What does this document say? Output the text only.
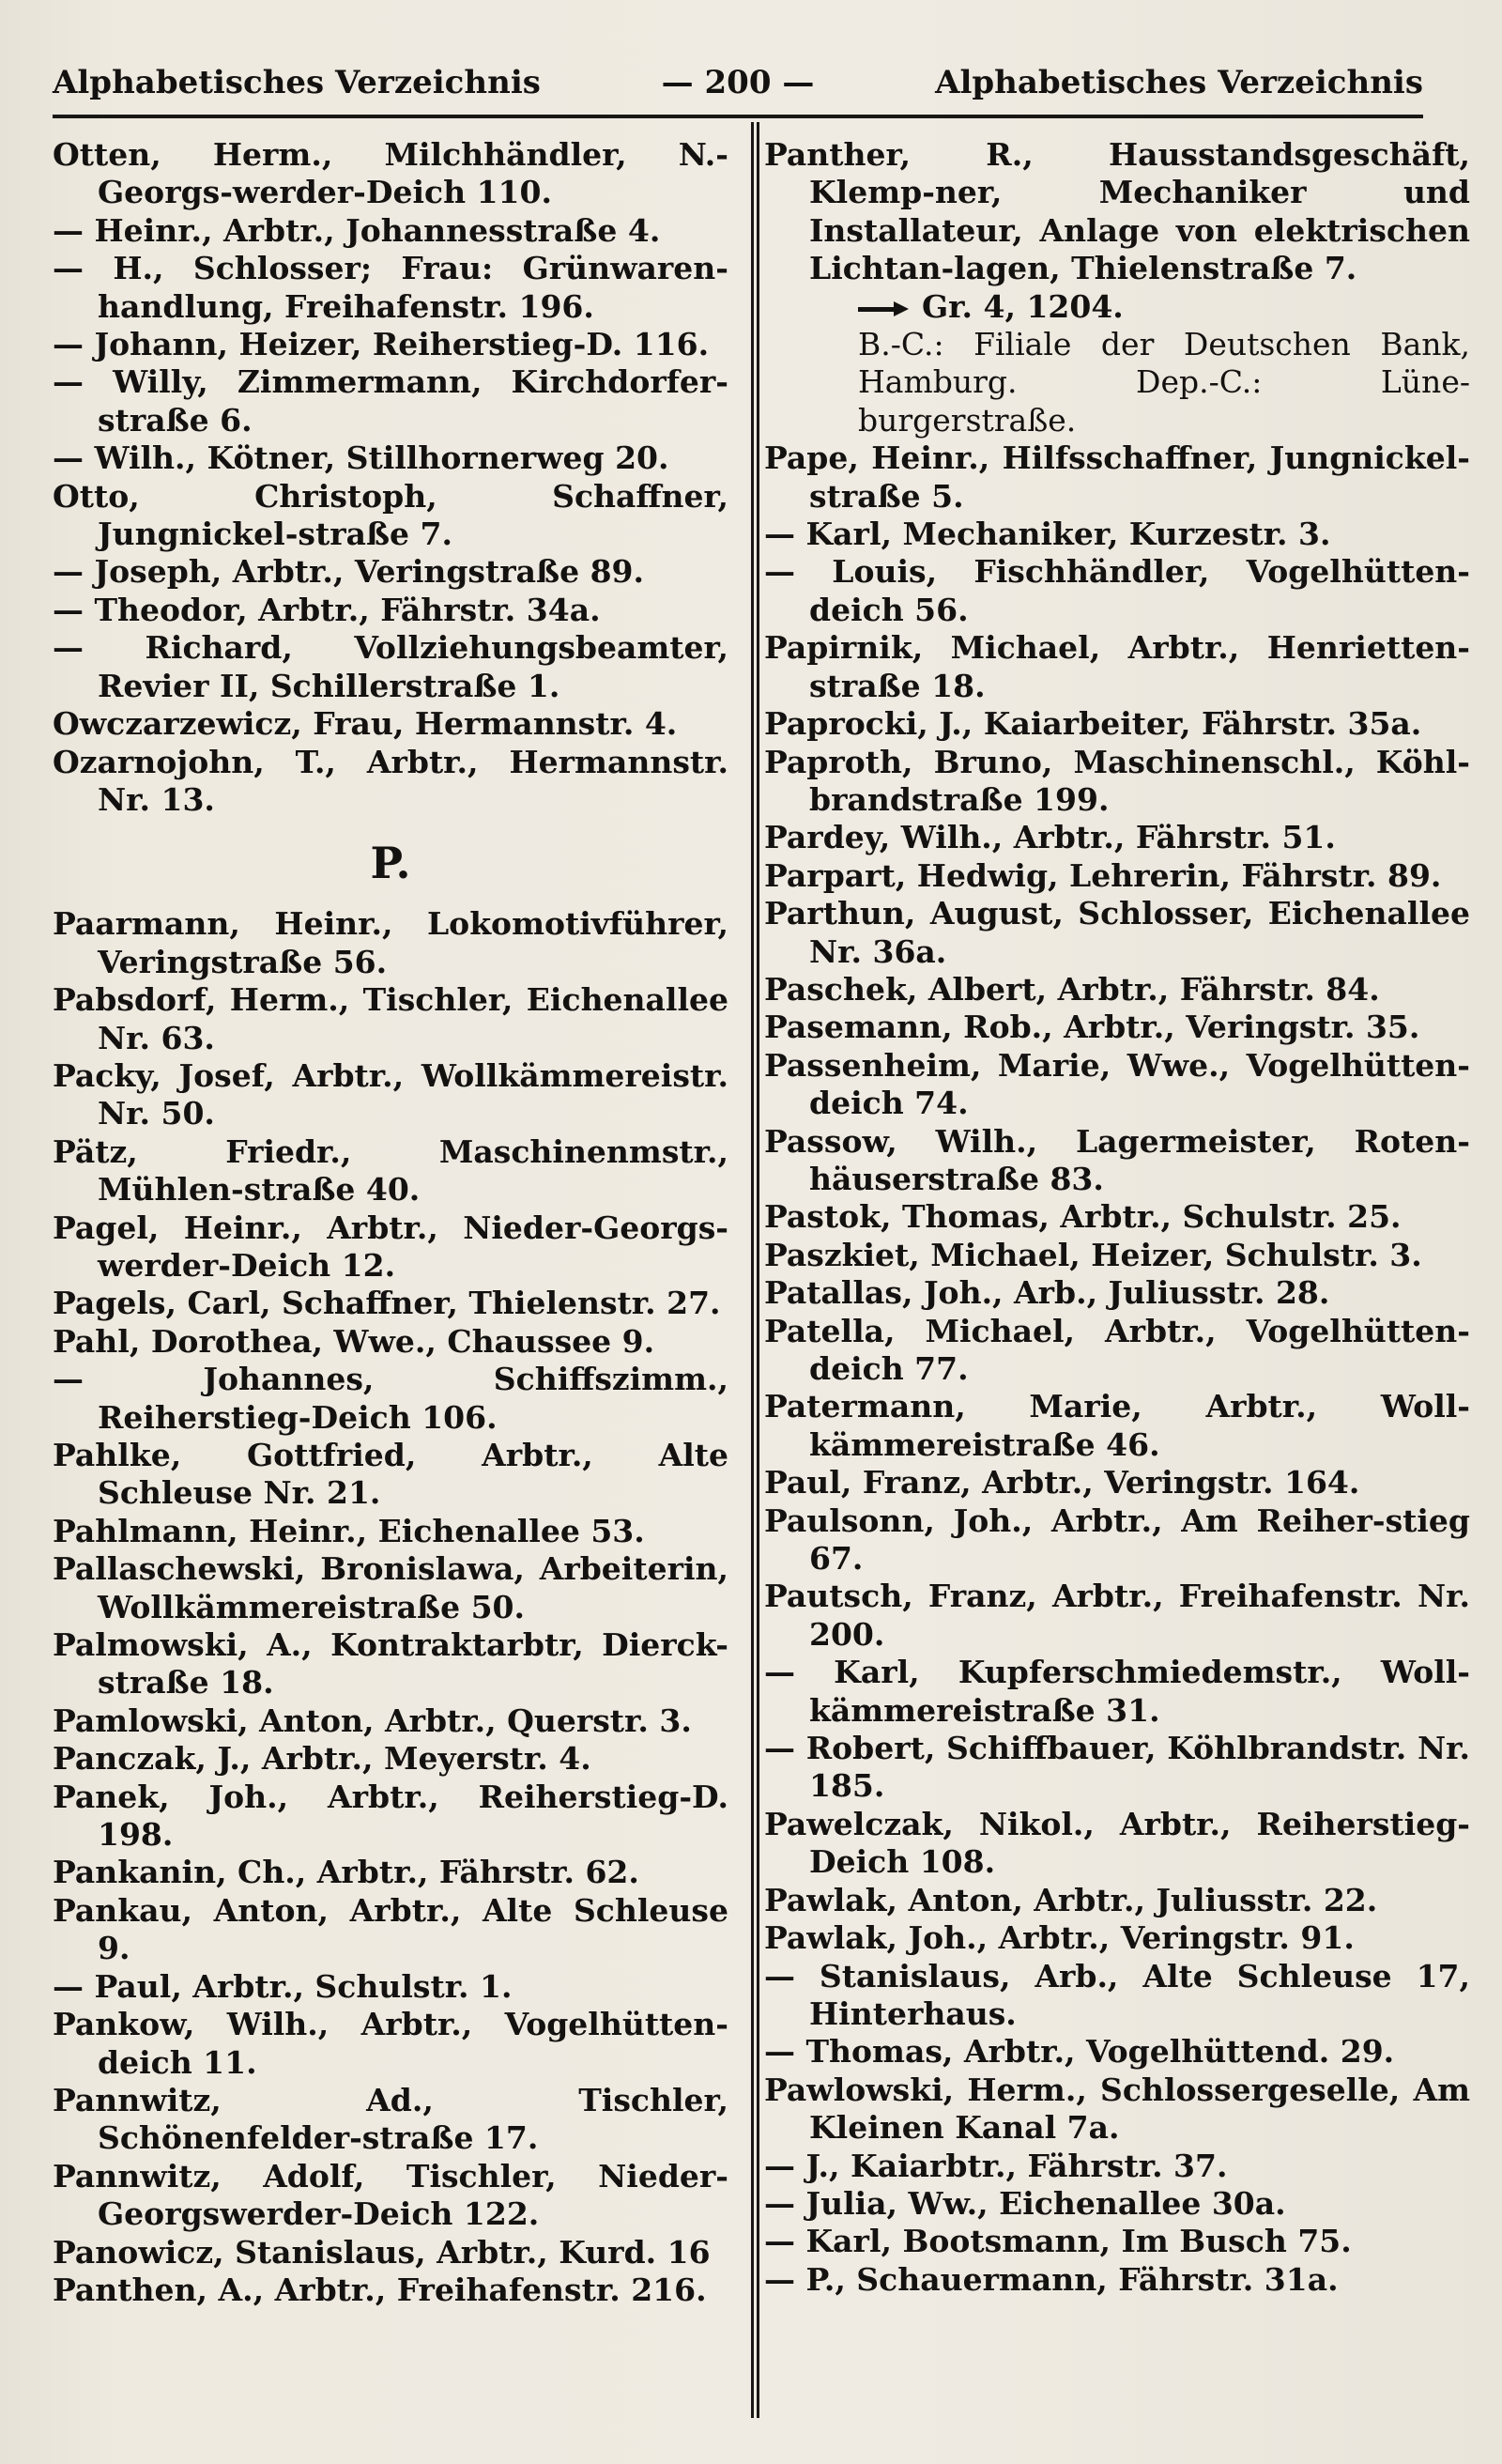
Alphabetisches Verzeichnis	— 200 —	Alphabetisches Verzeichnis

Otten, Herm., Milchhändler, N.-Georgs-werder-Deich 110.

— Heinr., Arbtr., Johannesstraße 4.

— H., Schlosser; Frau: Grünwaren-handlung, Freihafenstr. 196.

— Johann, Heizer, Reiherstieg-D. 116.

— Willy, Zimmermann, Kirchdorfer-straße 6.

— Wilh., Kötner, Stillhornerweg 20.

Otto, Christoph, Schaffner, Jungnickel-straße 7.

— Joseph, Arbtr., Veringstraße 89.

— Theodor, Arbtr., Fährstr. 34a.

— Richard, Vollziehungsbeamter, Revier II, Schillerstraße 1.

Owczarzewicz, Frau, Hermannstr. 4.

Ozarnojohn, T., Arbtr., Hermannstr. Nr. 13.

P.

Paarmann, Heinr., Lokomotivführer, Veringstraße 56.

Pabsdorf, Herm., Tischler, Eichenallee Nr. 63.

Packy, Josef, Arbtr., Wollkämmereistr. Nr. 50.

Pätz, Friedr., Maschinenmstr., Mühlen-straße 40.

Pagel, Heinr., Arbtr., Nieder-Georgs-werder-Deich 12.

Pagels, Carl, Schaffner, Thielenstr. 27.

Pahl, Dorothea, Wwe., Chaussee 9.

— Johannes, Schiffszimm., Reiherstieg-Deich 106.

Pahlke, Gottfried, Arbtr., Alte Schleuse Nr. 21.

Pahlmann, Heinr., Eichenallee 53.

Pallaschewski, Bronislawa, Arbeiterin, Wollkämmereistraße 50.

Palmowski, A., Kontraktarbtr, Dierck-straße 18.

Pamlowski, Anton, Arbtr., Querstr. 3.

Panczak, J., Arbtr., Meyerstr. 4.

Panek, Joh., Arbtr., Reiherstieg-D. 198.

Pankanin, Ch., Arbtr., Fährstr. 62.

Pankau, Anton, Arbtr., Alte Schleuse 9.

— Paul, Arbtr., Schulstr. 1.

Pankow, Wilh., Arbtr., Vogelhütten-deich 11.

Pannwitz, Ad., Tischler, Schönenfelder-straße 17.

Pannwitz, Adolf, Tischler, Nieder-Georgswerder-Deich 122.

Panowicz, Stanislaus, Arbtr., Kurd. 16

Panthen, A., Arbtr., Freihafenstr. 216.

Panther, R., Hausstandsgeschäft, Klemp-ner, Mechaniker und Installateur, Anlage von elektrischen Lichtan-lagen, Thielenstraße 7.

Gr. 4, 1204.

B.-C.: Filiale der Deutschen Bank, Hamburg. Dep.-C.: Lüne-burgerstraße.

Pape, Heinr., Hilfsschaffner, Jungnickel-straße 5.

— Karl, Mechaniker, Kurzestr. 3.

— Louis, Fischhändler, Vogelhütten-deich 56.

Papirnik, Michael, Arbtr., Henrietten-straße 18.

Paprocki, J., Kaiarbeiter, Fährstr. 35a.

Paproth, Bruno, Maschinenschl., Köhl-brandstraße 199.

Pardey, Wilh., Arbtr., Fährstr. 51.

Parpart, Hedwig, Lehrerin, Fährstr. 89.

Parthun, August, Schlosser, Eichenallee Nr. 36a.

Paschek, Albert, Arbtr., Fährstr. 84.

Pasemann, Rob., Arbtr., Veringstr. 35.

Passenheim, Marie, Wwe., Vogelhütten-deich 74.

Passow, Wilh., Lagermeister, Roten-häuserstraße 83.

Pastok, Thomas, Arbtr., Schulstr. 25.

Paszkiet, Michael, Heizer, Schulstr. 3.

Patallas, Joh., Arb., Juliusstr. 28.

Patella, Michael, Arbtr., Vogelhütten-deich 77.

Patermann, Marie, Arbtr., Woll-kämmereistraße 46.

Paul, Franz, Arbtr., Veringstr. 164.

Paulsonn, Joh., Arbtr., Am Reiher-stieg 67.

Pautsch, Franz, Arbtr., Freihafenstr. Nr. 200.

— Karl, Kupferschmiedemstr., Woll-kämmereistraße 31.

— Robert, Schiffbauer, Köhlbrandstr. Nr. 185.

Pawelczak, Nikol., Arbtr., Reiherstieg-Deich 108.

Pawlak, Anton, Arbtr., Juliusstr. 22.

Pawlak, Joh., Arbtr., Veringstr. 91.

— Stanislaus, Arb., Alte Schleuse 17, Hinterhaus.

— Thomas, Arbtr., Vogelhüttend. 29.

Pawlowski, Herm., Schlossergeselle, Am Kleinen Kanal 7a.

— J., Kaiarbtr., Fährstr. 37.

— Julia, Ww., Eichenallee 30a.

— Karl, Bootsmann, Im Busch 75.

— P., Schauermann, Fährstr. 31a.
